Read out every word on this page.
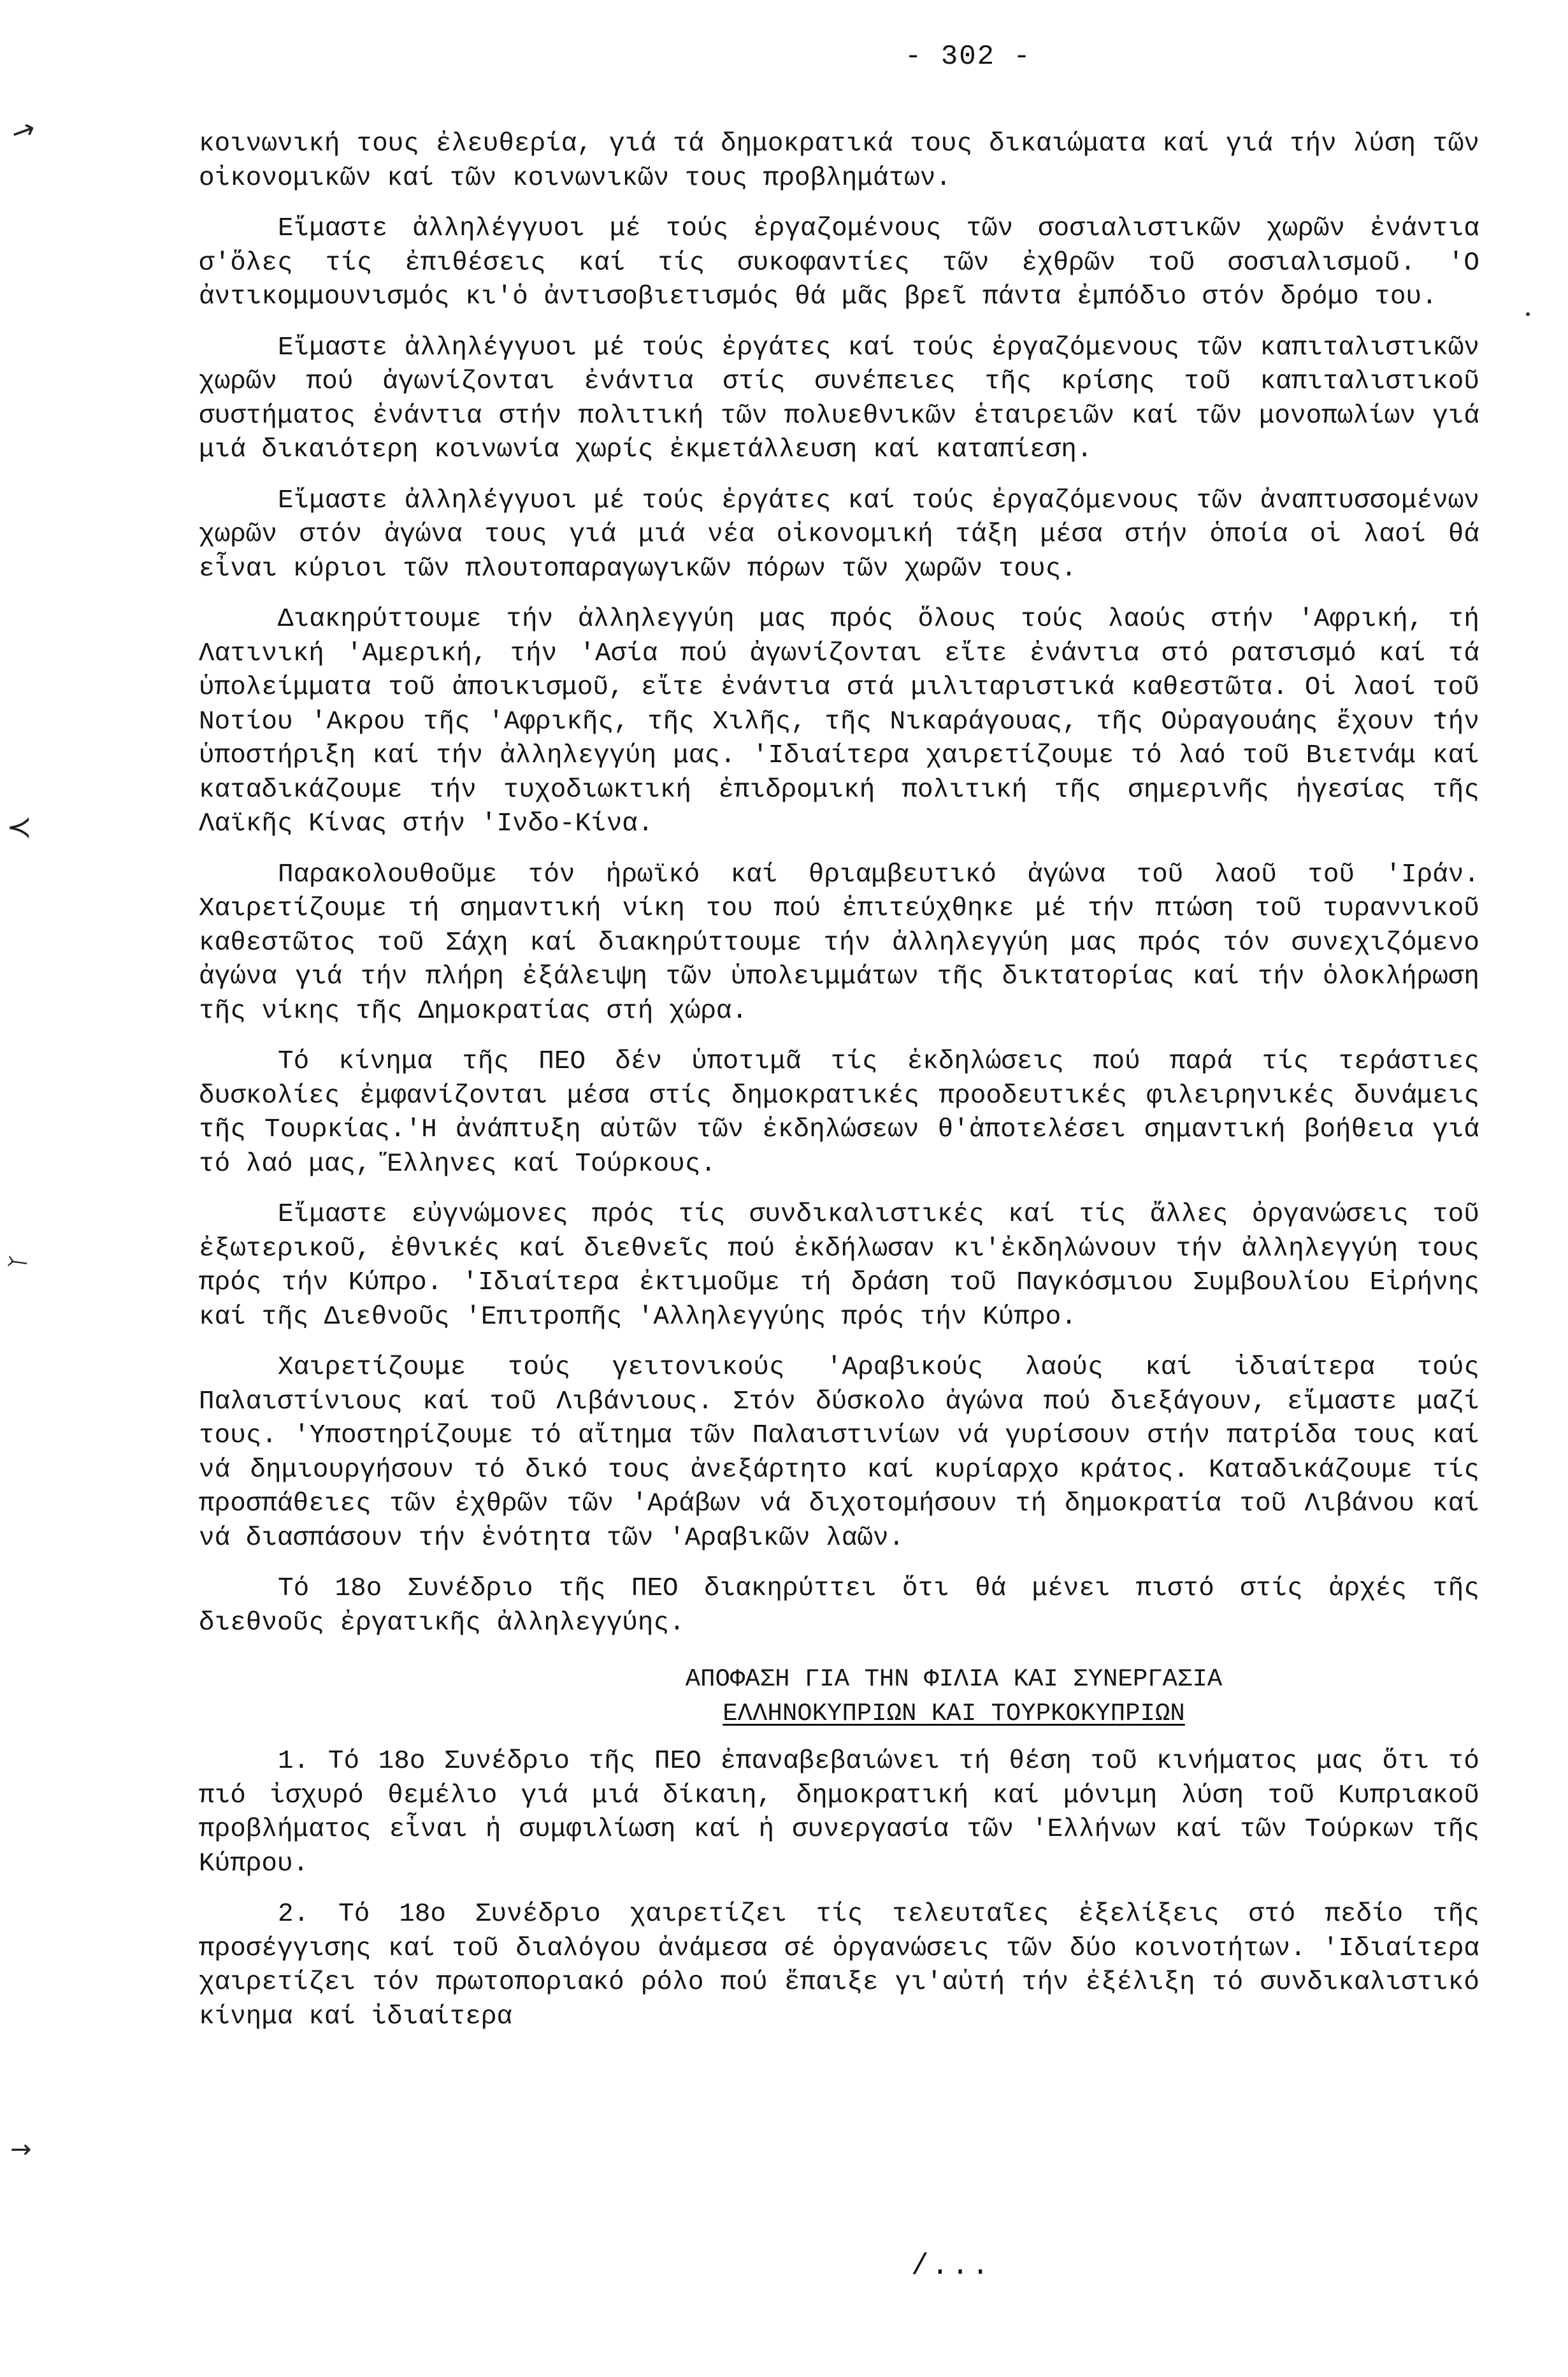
- 302 -
→
≺
⤚
→

κοινωνική τους ἐλευθερία, γιά τά δημοκρατικά τους δικαιώματα καί γιά τήν λύση τῶν οἰκονομικῶν καί τῶν κοινωνικῶν τους προβλημάτων.

Εἴμαστε ἀλληλέγγυοι μέ τούς ἐργαζομένους τῶν σοσιαλιστικῶν χωρῶν ἐνάντια σ'ὅλες τίς ἐπιθέσεις καί τίς συκοφαντίες τῶν ἐχθρῶν τοῦ σοσιαλισμοῦ. 'Ο ἀντικομμουνισμός κι'ὁ ἀντισοβιετισμός θά μᾶς βρεῖ πάντα ἐμπόδιο στόν δρόμο του.

Εἴμαστε ἀλληλέγγυοι μέ τούς ἐργάτες καί τούς ἐργαζόμενους τῶν καπιταλιστικῶν χωρῶν πού ἀγωνίζονται ἐνάντια στίς συνέπειες τῆς κρίσης τοῦ καπιταλιστικοῦ συστήματος ἐνάντια στήν πολιτική τῶν πολυεθνικῶν ἑταιρειῶν καί τῶν μονοπωλίων γιά μιά δικαιότερη κοινωνία χωρίς ἐκμετάλλευση καί καταπίεση.

Εἴμαστε ἀλληλέγγυοι μέ τούς ἐργάτες καί τούς ἐργαζόμενους τῶν ἀναπτυσσομένων χωρῶν στόν ἀγώνα τους γιά μιά νέα οἰκονομική τάξη μέσα στήν ὁποία οἱ λαοί θά εἶναι κύριοι τῶν πλουτοπαραγωγικῶν πόρων τῶν χωρῶν τους.

Διακηρύττουμε τήν ἀλληλεγγύη μας πρός ὅλους τούς λαούς στήν 'Αφρική, τή Λατινική 'Αμερική, τήν 'Ασία πού ἀγωνίζονται εἴτε ἐνάντια στό ρατσισμό καί τά ὑπολείμματα τοῦ ἀποικισμοῦ, εἴτε ἐνάντια στά μιλιταριστικά καθεστῶτα. Οἱ λαοί τοῦ Νοτίου 'Ακρου τῆς 'Αφρικῆς, τῆς Χιλῆς, τῆς Νικαράγουας, τῆς Οὐραγουάης ἔχουν τήν ὑποστήριξη καί τήν ἀλληλεγγύη μας. 'Ιδιαίτερα χαιρετίζουμε τό λαό τοῦ Βιετνάμ καί καταδικάζουμε τήν τυχοδιωκτική ἐπιδρομική πολιτική τῆς σημερινῆς ἡγεσίας τῆς Λαϊκῆς Κίνας στήν 'Ινδο-Κίνα.

Παρακολουθοῦμε τόν ἡρωϊκό καί θριαμβευτικό ἀγώνα τοῦ λαοῦ τοῦ 'Ιράν. Χαιρετίζουμε τή σημαντική νίκη του πού ἐπιτεύχθηκε μέ τήν πτώση τοῦ τυραννικοῦ καθεστῶτος τοῦ Σάχη καί διακηρύττουμε τήν ἀλληλεγγύη μας πρός τόν συνεχιζόμενο ἀγώνα γιά τήν πλήρη ἐξάλειψη τῶν ὑπολειμμάτων τῆς δικτατορίας καί τήν ὁλοκλήρωση τῆς νίκης τῆς Δημοκρατίας στή χώρα.

Τό κίνημα τῆς ΠΕΟ δέν ὑποτιμᾶ τίς ἐκδηλώσεις πού παρά τίς τεράστιες δυσκολίες ἐμφανίζονται μέσα στίς δημοκρατικές προοδευτικές φιλειρηνικές δυνάμεις τῆς Τουρκίας.'Η ἀνάπτυξη αὐτῶν τῶν ἐκδηλώσεων θ'ἀποτελέσει σημαντική βοήθεια γιά τό λαό μας, Ἕλληνες καί Τούρκους.

Εἴμαστε εὐγνώμονες πρός τίς συνδικαλιστικές καί τίς ἄλλες ὀργανώσεις τοῦ ἐξωτερικοῦ, ἐθνικές καί διεθνεῖς πού ἐκδήλωσαν κι'ἐκδηλώνουν τήν ἀλληλεγγύη τους πρός τήν Κύπρο. 'Ιδιαίτερα ἐκτιμοῦμε τή δράση τοῦ Παγκόσμιου Συμβουλίου Εἰρήνης καί τῆς Διεθνοῦς 'Επιτροπῆς 'Αλληλεγγύης πρός τήν Κύπρο.

Χαιρετίζουμε τούς γειτονικούς 'Αραβικούς λαούς καί ἰδιαίτερα τούς Παλαιστίνιους καί τοῦ Λιβάνιους. Στόν δύσκολο ἀγώνα πού διεξάγουν, εἴμαστε μαζί τους. 'Υποστηρίζουμε τό αἴτημα τῶν Παλαιστινίων νά γυρίσουν στήν πατρίδα τους καί νά δημιουργήσουν τό δικό τους ἀνεξάρτητο καί κυρίαρχο κράτος. Καταδικάζουμε τίς προσπάθειες τῶν ἐχθρῶν τῶν 'Αράβων νά διχοτομήσουν τή δημοκρατία τοῦ Λιβάνου καί νά διασπάσουν τήν ἑνότητα τῶν 'Αραβικῶν λαῶν.

Τό 18ο Συνέδριο τῆς ΠΕΟ διακηρύττει ὅτι θά μένει πιστό στίς ἀρχές τῆς διεθνοῦς ἐργατικῆς ἀλληλεγγύης.

ΑΠΟΦΑΣΗ ΓΙΑ ΤΗΝ ΦΙΛΙΑ ΚΑΙ ΣΥΝΕΡΓΑΣΙΑ
ΕΛΛΗΝΟΚΥΠΡΙΩΝ ΚΑΙ ΤΟΥΡΚΟΚΥΠΡΙΩΝ

1. Τό 18ο Συνέδριο τῆς ΠΕΟ ἐπαναβεβαιώνει τή θέση τοῦ κινήματος μας ὅτι τό πιό ἰσχυρό θεμέλιο γιά μιά δίκαιη, δημοκρατική καί μόνιμη λύση τοῦ Κυπριακοῦ προβλήματος εἶναι ἡ συμφιλίωση καί ἡ συνεργασία τῶν 'Ελλήνων καί τῶν Τούρκων τῆς Κύπρου.

2. Τό 18ο Συνέδριο χαιρετίζει τίς τελευταῖες ἐξελίξεις στό πεδίο τῆς προσέγγισης καί τοῦ διαλόγου ἀνάμεσα σέ ὀργανώσεις τῶν δύο κοινοτήτων. 'Ιδιαίτερα χαιρετίζει τόν πρωτοποριακό ρόλο πού ἔπαιξε γι'αὐτή τήν ἐξέλιξη τό συνδικαλιστικό κίνημα καί ἰδιαίτερα

/...
